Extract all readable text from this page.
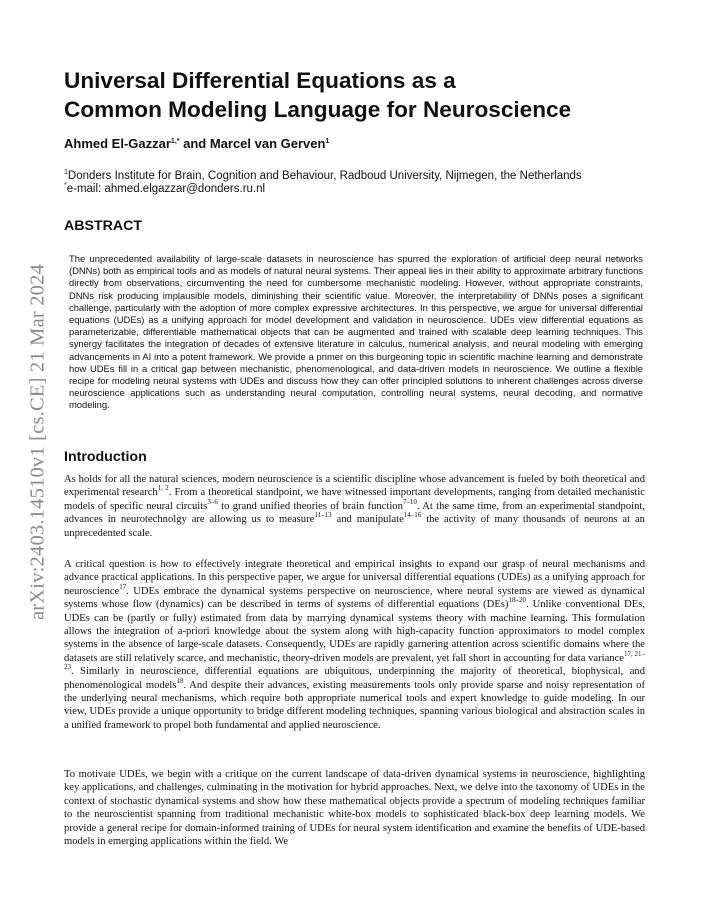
arXiv:2403.14510v1 [cs.CE] 21 Mar 2024
Universal Differential Equations as a
Common Modeling Language for Neuroscience
Ahmed El-Gazzar$^{1,*}$ and Marcel van Gerven$^1$
$^1$Donders Institute for Brain, Cognition and Behaviour, Radboud University, Nijmegen, the Netherlands
*e-mail: ahmed.elgazzar@donders.ru.nl
ABSTRACT

The unprecedented availability of large-scale datasets in neuroscience has spurred the exploration of artificial deep neural networks (DNNs) both as empirical tools and as models of natural neural systems. Their appeal lies in their ability to approximate arbitrary functions directly from observations, circumventing the need for cumbersome mechanistic modeling. However, without appropriate constraints, DNNs risk producing implausible models, diminishing their scientific value. Moreover, the interpretability of DNNs poses a significant challenge, particularly with the adoption of more complex expressive architectures. In this perspective, we argue for universal differential equations (UDEs) as a unifying approach for model development and validation in neuroscience. UDEs view differential equations as parameterizable, differentiable mathematical objects that can be augmented and trained with scalable deep learning techniques. This synergy facilitates the integration of decades of extensive literature in calculus, numerical analysis, and neural modeling with emerging advancements in AI into a potent framework. We provide a primer on this burgeoning topic in scientific machine learning and demonstrate how UDEs fill in a critical gap between mechanistic, phenomenological, and data-driven models in neuroscience. We outline a flexible recipe for modeling neural systems with UDEs and discuss how they can offer principled solutions to inherent challenges across diverse neuroscience applications such as understanding neural computation, controlling neural systems, neural decoding, and normative modeling.

Introduction

As holds for all the natural sciences, modern neuroscience is a scientific discipline whose advancement is fueled by both theoretical and experimental research$^{1, 2}$. From a theoretical standpoint, we have witnessed important developments, ranging from detailed mechanistic models of specific neural circuits$^{3-6}$ to grand unified theories of brain function$^{7-10}$. At the same time, from an experimental standpoint, advances in neurotechnolgy are allowing us to measure$^{11-13}$ and manipulate$^{14-16}$ the activity of many thousands of neurons at an unprecedented scale.

A critical question is how to effectively integrate theoretical and empirical insights to expand our grasp of neural mechanisms and advance practical applications. In this perspective paper, we argue for universal differential equations (UDEs) as a unifying approach for neuroscience$^{17}$. UDEs embrace the dynamical systems perspective on neuroscience, where neural systems are viewed as dynamical systems whose flow (dynamics) can be described in terms of systems of differential equations (DEs)$^{18-20}$. Unlike conventional DEs, UDEs can be (partly or fully) estimated from data by marrying dynamical systems theory with machine learning. This formulation allows the integration of a-priori knowledge about the system along with high-capacity function approximators to model complex systems in the absence of large-scale datasets. Consequently, UDEs are rapidly garnering attention across scientific domains where the datasets are still relatively scarce, and mechanistic, theory-driven models are prevalent, yet fall short in accounting for data variance$^{17, 21-23}$. Similarly in neuroscience, differential equations are ubiquitous, underpinning the majority of theoretical, biophysical, and phenomenological models$^{18}$. And despite their advances, existing measurements tools only provide sparse and noisy representation of the underlying neural mechanisms, which require both appropriate numerical tools and expert knowledge to guide modeling. In our view, UDEs provide a unique opportunity to bridge different modeling techniques, spanning various biological and abstraction scales in a unified framework to propel both fundamental and applied neuroscience.

To motivate UDEs, we begin with a critique on the current landscape of data-driven dynamical systems in neuroscience, highlighting key applications, and challenges, culminating in the motivation for hybrid approaches. Next, we delve into the taxonomy of UDEs in the context of stochastic dynamical systems and show how these mathematical objects provide a spectrum of modeling techniques familiar to the neuroscientist spanning from traditional mechanistic white-box models to sophisticated black-box deep learning models. We provide a general recipe for domain-informed training of UDEs for neural system identification and examine the benefits of UDE-based models in emerging applications within the field. We
